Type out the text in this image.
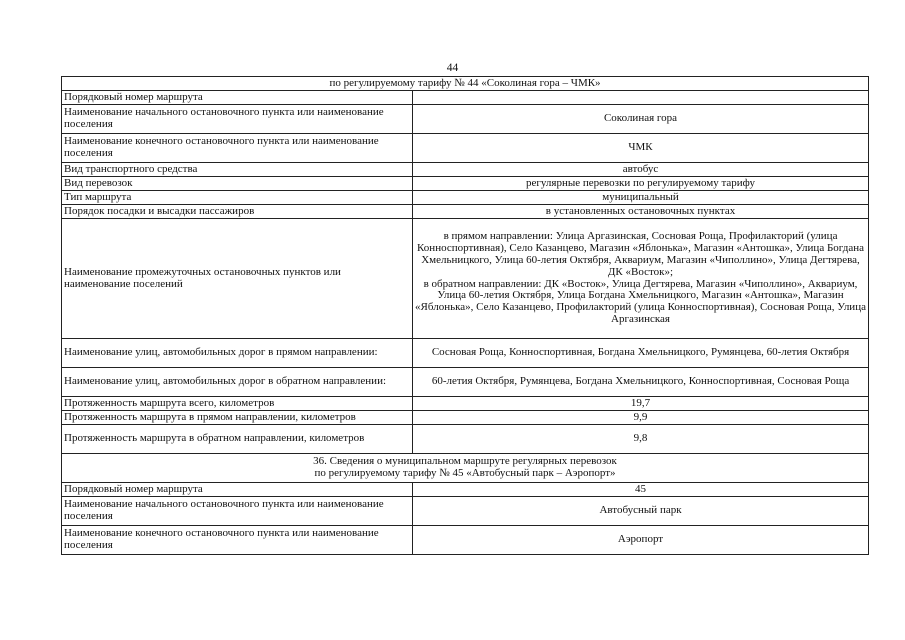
44
по регулируемому тарифу № 44 «Соколиная гора – ЧМК»	
Порядковый номер маршрута	
Наименование начального остановочного пункта или наименование поселения	Соколиная гора
Наименование конечного остановочного пункта или наименование поселения	ЧМК
Вид транспортного средства	автобус
Вид перевозок	регулярные перевозки по регулируемому тарифу
Тип маршрута	муниципальный
Порядок посадки и высадки пассажиров	в установленных остановочных пунктах
Наименование промежуточных остановочных пунктов или наименование поселений	в прямом направлении: Улица Аргазинская, Сосновая Роща, Профилакторий (улица Конноспортивная), Село Казанцево, Магазин «Яблонька», Магазин «Антошка», Улица Богдана Хмельницкого, Улица 60-летия Октября, Аквариум, Магазин «Чиполлино», Улица Дегтярева, ДК «Восток»;
в обратном направлении: ДК «Восток», Улица Дегтярева, Магазин «Чиполлино», Аквариум, Улица 60-летия Октября, Улица Богдана Хмельницкого, Магазин «Антошка», Магазин «Яблонька», Село Казанцево, Профилакторий (улица Конноспортивная), Сосновая Роща, Улица Аргазинская

Наименование улиц, автомобильных дорог в прямом направлении:	Сосновая Роща, Конноспортивная, Богдана Хмельницкого, Румянцева, 60-летия Октября
Наименование улиц, автомобильных дорог в обратном направлении:	60-летия Октября, Румянцева, Богдана Хмельницкого, Конноспортивная, Сосновая Роща
Протяженность маршрута всего, километров	19,7
Протяженность маршрута в прямом направлении, километров	9,9
Протяженность маршрута в обратном направлении, километров	9,8

36. Сведения о муниципальном маршруте регулярных перевозок
по регулируемому тарифу № 45 «Автобусный парк – Аэропорт»	

Порядковый номер маршрута	45
Наименование начального остановочного пункта или наименование поселения	Автобусный парк
Наименование конечного остановочного пункта или наименование поселения	Аэропорт
